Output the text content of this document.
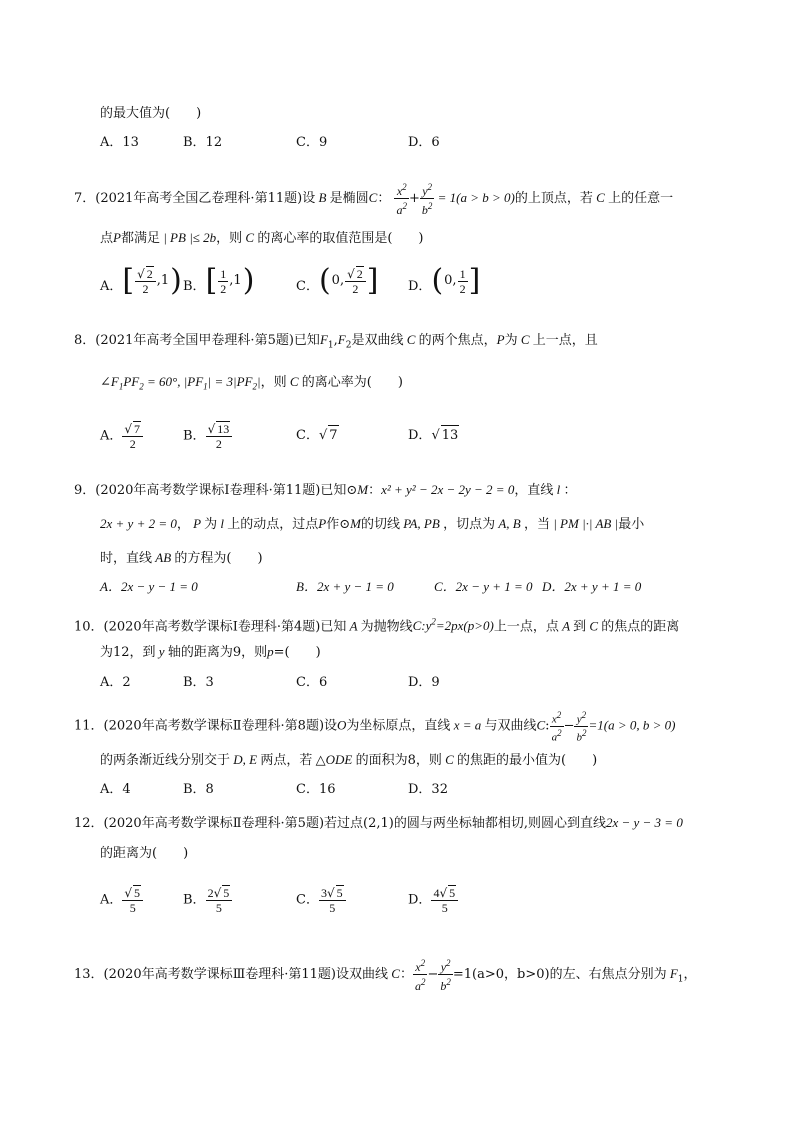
的最大值为(　　)
A．13	B．12	C．9	D．6
7．(2021年高考全国乙卷理科·第11题)设 B 是椭圆C： $\frac{x^2}{a^2} + \frac{y^2}{b^2} = 1(a > b > 0)$的上顶点，若 C 上的任意一
点P都满足 | PB |≤ 2b，则 C 的离心率的取值范围是(　　)
A． [ $\frac{√ 2}{2} ,1$ ) B． [ $\frac{1}{2} ,1$ )	C． ( 0, $\frac{√ 2}{2}$ ] D． ( 0, $\frac{1}{2}$ ]
8．(2021年高考全国甲卷理科·第5题)已知$F_1,F_2$是双曲线 C 的两个焦点，P为 C 上一点，且
$\angle F_1PF_2 = 60^\circ$, $|PF_1| = 3|PF_2|$，则 C 的离心率为(　　)
A． $\frac{√ 7}{2}$	B． $\frac{√ 13}{2}$	C．√ 7	D．√ 13
9．(2020年高考数学课标Ⅰ卷理科·第11题)已知⊙M：x² + y² − 2x − 2y − 2 = 0，直线 l ：
2x + y + 2 = 0， P 为 l 上的动点，过点P作⊙M的切线 PA, PB ，切点为 A, B ，当 | PM |·| AB |最小
时，直线 AB 的方程为(　　)
A．2x − y − 1 = 0	B．2x + y − 1 = 0	C．2x − y + 1 = 0 D．2x + y + 1 = 0
10．(2020年高考数学课标Ⅰ卷理科·第4题)已知 A 为抛物线$C:y^2=2px(p>0)$上一点，点 A 到 C 的焦点的距离
为12，到 y 轴的距离为9，则p=(　　)
A．2	B．3	C．6	D．9
11．(2020年高考数学课标Ⅱ卷理科·第8题)设O为坐标原点，直线 x = a 与双曲线C: $\frac{x^2}{a^2} - \frac{y^2}{b^2} =1(a > 0$, b > 0)
的两条渐近线分别交于 D, E 两点，若 △ODE 的面积为8，则 C 的焦距的最小值为(　　)
A．4	B．8	C．16	D．32
12．(2020年高考数学课标Ⅱ卷理科·第5题)若过点(2,1)的圆与两坐标轴都相切,则圆心到直线2x − y − 3 = 0
的距离为(　　)
A． $\frac{√ 5}{5}$	B． $\frac{2√ 5}{5}$	C． $\frac{3√ 5}{5}$	D． $\frac{4√ 5}{5}$
13．(2020年高考数学课标Ⅲ卷理科·第11题)设双曲线 C： $\frac{x^2}{a^2} - \frac{y^2}{b^2} =1(a>0$，b>0)的左、右焦点分别为 $F_1$，
